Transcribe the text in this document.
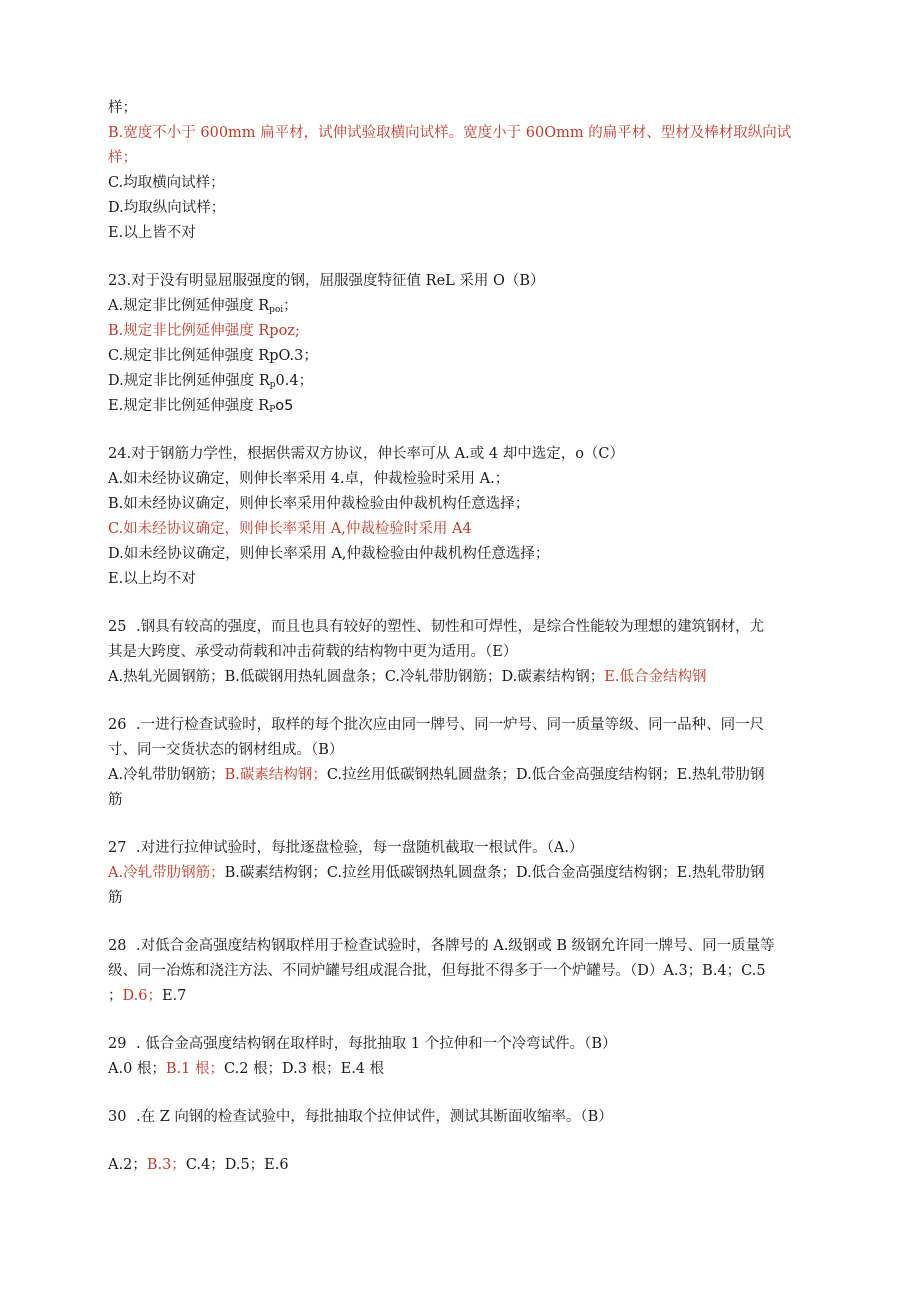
样；
B.宽度不小于 600mm 扁平材，试伸试验取横向试样。宽度小于 60Omm 的扁平材、型材及棒材取纵向试
样；
C.均取横向试样；
D.均取纵向试样；
E.以上皆不对
23.对于没有明显屈服强度的钢，屈服强度特征值 ReL 采用 O（B）
A.规定非比例延伸强度 $R_{poi}$；
B.规定非比例延伸强度 Rpoz;
C.规定非比例延伸强度 RpO.3；
D.规定非比例延伸强度 $R_p0.4$；
E.规定非比例延伸强度 $R_Po5$
24.对于钢筋力学性，根据供需双方协议，伸长率可从 A.或 4 却中选定，o（C）
A.如未经协议确定，则伸长率采用 4.卓，仲裁检验时采用 A.；
B.如未经协议确定，则伸长率采用仲裁检验由仲裁机构任意选择；
C.如未经协议确定，则伸长率采用 A,仲裁检验时采用 A4
D.如未经协议确定，则伸长率采用 A,仲裁检验由仲裁机构任意选择；
E.以上均不对
25 .钢具有较高的强度，而且也具有较好的塑性、韧性和可焊性，是综合性能较为理想的建筑钢材，尤
其是大跨度、承受动荷载和冲击荷载的结构物中更为适用。（E）
A.热轧光圆钢筋；B.低碳钢用热轧圆盘条；C.冷轧带肋钢筋；D.碳素结构钢；E.低合金结构钢
26 .一进行检查试验时，取样的每个批次应由同一牌号、同一炉号、同一质量等级、同一品种、同一尺
寸、同一交货状态的钢材组成。（B）
A.冷轧带肋钢筋；B.碳素结构钢；C.拉丝用低碳钢热轧圆盘条；D.低合金高强度结构钢；E.热轧带肋钢
筋
27 .对进行拉伸试验时，每批逐盘检验，每一盘随机截取一根试件。（A.）
A.冷轧带肋钢筋；B.碳素结构钢；C.拉丝用低碳钢热轧圆盘条；D.低合金高强度结构钢；E.热轧带肋钢
筋
28 .对低合金高强度结构钢取样用于检查试验时，各牌号的 A.级钢或 B 级钢允许同一牌号、同一质量等
级、同一冶炼和浇注方法、不同炉罐号组成混合批，但每批不得多于一个炉罐号。（D）A.3；B.4；C.5
；D.6；E.7
29 . 低合金高强度结构钢在取样时，每批抽取 1 个拉伸和一个冷弯试件。（B）
A.0 根；B.1 根；C.2 根；D.3 根；E.4 根
30 .在 Z 向钢的检查试验中，每批抽取个拉伸试件，测试其断面收缩率。（B）
A.2；B.3；C.4；D.5；E.6
